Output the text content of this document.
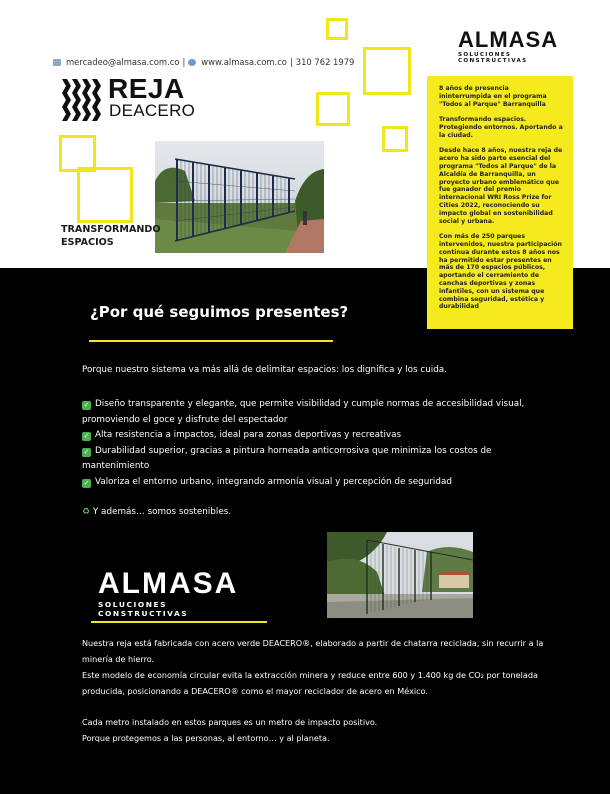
mercadeo@almasa.com.co | www.almasa.com.co | 310 762 1979
ALMASA
SOLUCIONES CONSTRUCTIVAS
REJA
DEACERO
TRANSFORMANDO ESPACIOS

8 años de presencia ininterrumpida en el programa "Todos al Parque" Barranquilla

Transformando espacios. Protegiendo entornos. Aportando a la ciudad.

Desde hace 8 años, nuestra reja de acero ha sido parte esencial del programa "Todos al Parque" de la Alcaldía de Barranquilla, un proyecto urbano emblemático que fue ganador del premio internacional WRI Ross Prize for Cities 2022, reconociendo su impacto global en sostenibilidad social y urbana.

Con más de 250 parques intervenidos, nuestra participación continua durante estos 8 años nos ha permitido estar presentes en más de 170 espacios públicos, aportando el cerramiento de canchas deportivas y zonas infantiles, con un sistema que combina seguridad, estética y durabilidad

¿Por qué seguimos presentes?
Porque nuestro sistema va más allá de delimitar espacios: los dignifica y los cuida.
✓ Diseño transparente y elegante, que permite visibilidad y cumple normas de accesibilidad visual, promoviendo el goce y disfrute del espectador
✓ Alta resistencia a impactos, ideal para zonas deportivas y recreativas
✓ Durabilidad superior, gracias a pintura horneada anticorrosiva que minimiza los costos de mantenimiento
✓ Valoriza el entorno urbano, integrando armonía visual y percepción de seguridad
♻ Y además… somos sostenibles.
ALMASA
SOLUCIONES CONSTRUCTIVAS
Nuestra reja está fabricada con acero verde DEACERO®, elaborado a partir de chatarra reciclada, sin recurrir a la minería de hierro.
Este modelo de economía circular evita la extracción minera y reduce entre 600 y 1.400 kg de CO₂ por tonelada producida, posicionando a DEACERO® como el mayor reciclador de acero en México.
Cada metro instalado en estos parques es un metro de impacto positivo.
Porque protegemos a las personas, al entorno… y al planeta.
